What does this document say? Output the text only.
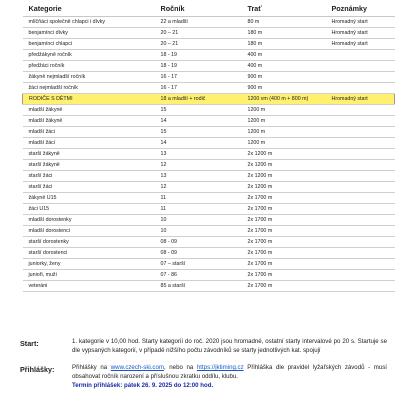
Kategorie	Ročník	Trať	Poznámky
mlíčňáci společně chlapci i dívky	22 a mladší	80 m	Hromadný start
benjamínci dívky	20 – 21	180 m	Hromadný start
benjamínci chlapci	20 – 21	180 m	Hromadný start
předžákyně ročník	18 - 19	400 m	
předžáci ročník	18 - 19	400 m	
žákyně nejmladší ročník	16 - 17	900 m	
žáci nejmladší ročník	16 - 17	900 m	
RODIČE S DĚTMI	18 a mladší + rodič	1200 vm (400 m + 800 m)	Hromadný start
mladší žákyně	15	1200 m	
mladší žákyně	14	1200 m	
mladší žáci	15	1200 m	
mladší žáci	14	1200 m	
starší žákyně	13	2x 1200 m	
starší žákyně	12	2x 1200 m	
starší žáci	13	2x 1200 m	
starší žáci	12	2x 1200 m	
žákyně U15	11	2x 1700 m	
žáci U15	11	2x 1700 m	
mladší dorostenky	10	2x 1700 m	
mladší dorostenci	10	2x 1700 m	
starší dorostenky	08 - 09	2x 1700 m	
starší dorostenci	08 - 09	2x 1700 m	
juniorky, ženy	07 – starší	2x 1700 m	
junioři, muži	07 - 86	2x 1700 m	
veteráni	85 a starší	2x 1700 m	
Start:	1. kategorie v 10,00 hod. Starty kategorií do roč. 2020 jsou hromadné, ostatní starty intervalové po 20 s. Startuje se dle vypsaných kategorií, v případě nižšího počtu závodníků se starty jednotlivých kat. spojují
Přihlášky:	Přihlášky na www.czech-ski.com, nebo na https://jktiming.cz Přihláška dle pravidel lyžařských závodů - musí obsahovat ročník narození a příslušnou zkratku oddílu, klubu.
Termín přihlášek: pátek 26. 9. 2025 do 12:00 hod.
